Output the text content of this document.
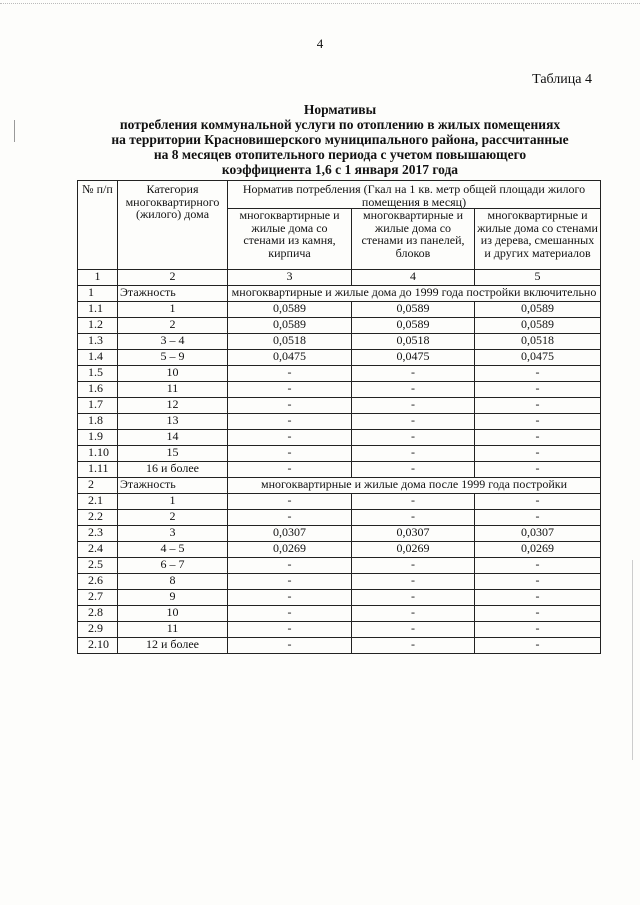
4
Таблица 4
Нормативы
потребления коммунальной услуги по отоплению в жилых помещениях
на территории Красновишерского муниципального района, рассчитанные
на 8 месяцев отопительного периода с учетом повышающего
коэффициента 1,6 с 1 января 2017 года
№ п/п	Категория многоквартирного (жилого) дома	Норматив потребления (Гкал на 1 кв. метр общей площади жилого помещения в месяц)		
		многоквартирные и жилые дома со стенами из камня, кирпича	многоквартирные и жилые дома со стенами из панелей, блоков	многоквартирные и жилые дома со стенами из дерева, смешанных и других материалов
1	2	3	4	5
1	Этажность	многоквартирные и жилые дома до 1999 года постройки включительно		
1.1	1	0,0589	0,0589	0,0589
1.2	2	0,0589	0,0589	0,0589
1.3	3 – 4	0,0518	0,0518	0,0518
1.4	5 – 9	0,0475	0,0475	0,0475
1.5	10	-	-	-
1.6	11	-	-	-
1.7	12	-	-	-
1.8	13	-	-	-
1.9	14	-	-	-
1.10	15	-	-	-
1.11	16 и более	-	-	-
2	Этажность	многоквартирные и жилые дома после 1999 года постройки		
2.1	1	-	-	-
2.2	2	-	-	-
2.3	3	0,0307	0,0307	0,0307
2.4	4 – 5	0,0269	0,0269	0,0269
2.5	6 – 7	-	-	-
2.6	8	-	-	-
2.7	9	-	-	-
2.8	10	-	-	-
2.9	11	-	-	-
2.10	12 и более	-	-	-
